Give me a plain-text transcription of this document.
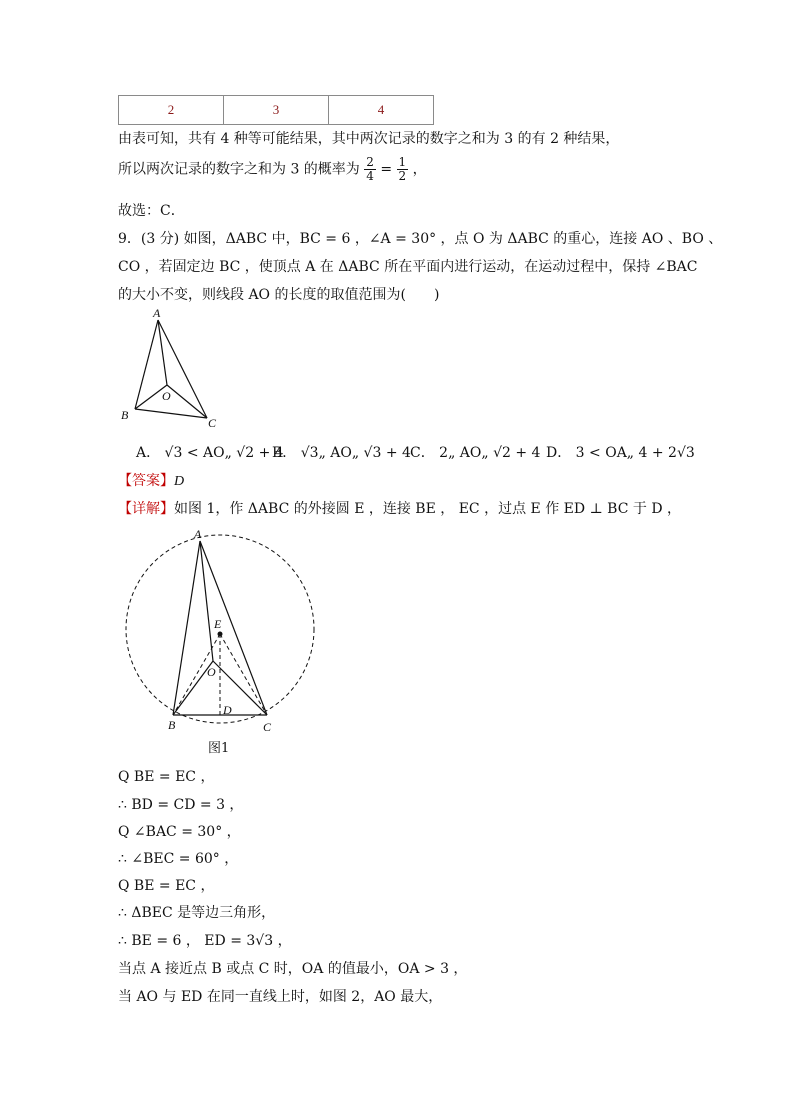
2	3	4
由表可知，共有 4 种等可能结果，其中两次记录的数字之和为 3 的有 2 种结果，
所以两次记录的数字之和为 3 的概率为 $\frac{2}{4} = \frac{1}{2}$ ，
故选：C．
9．(3 分) 如图，ΔABC 中，BC = 6 ，∠A = 30° ，点 O 为 ΔABC 的重心，连接 AO 、BO 、
CO ，若固定边 BC ，使顶点 A 在 ΔABC 所在平面内进行运动，在运动过程中，保持 ∠BAC
的大小不变，则线段 AO 的长度的取值范围为(　　)
A
B
C
O
A． √3 < AO„ √2 + 4
B． √3„ AO„ √3 + 4 C． 2„ AO„ √2 + 4 D． 3 < OA„ 4 + 2√3
【答案】D
【详解】如图 1，作 ΔABC 的外接圆 E ，连接 BE ， EC ，过点 E 作 ED ⊥ BC 于 D ，
A
E
O
D
B	C
图1
Q BE = EC ，
∴ BD = CD = 3 ，
Q ∠BAC = 30° ，
∴ ∠BEC = 60° ，
Q BE = EC ，
∴ ΔBEC 是等边三角形，
∴ BE = 6 ， ED = 3√3 ，
当点 A 接近点 B 或点 C 时，OA 的值最小，OA > 3 ，
当 AO 与 ED 在同一直线上时，如图 2，AO 最大，
